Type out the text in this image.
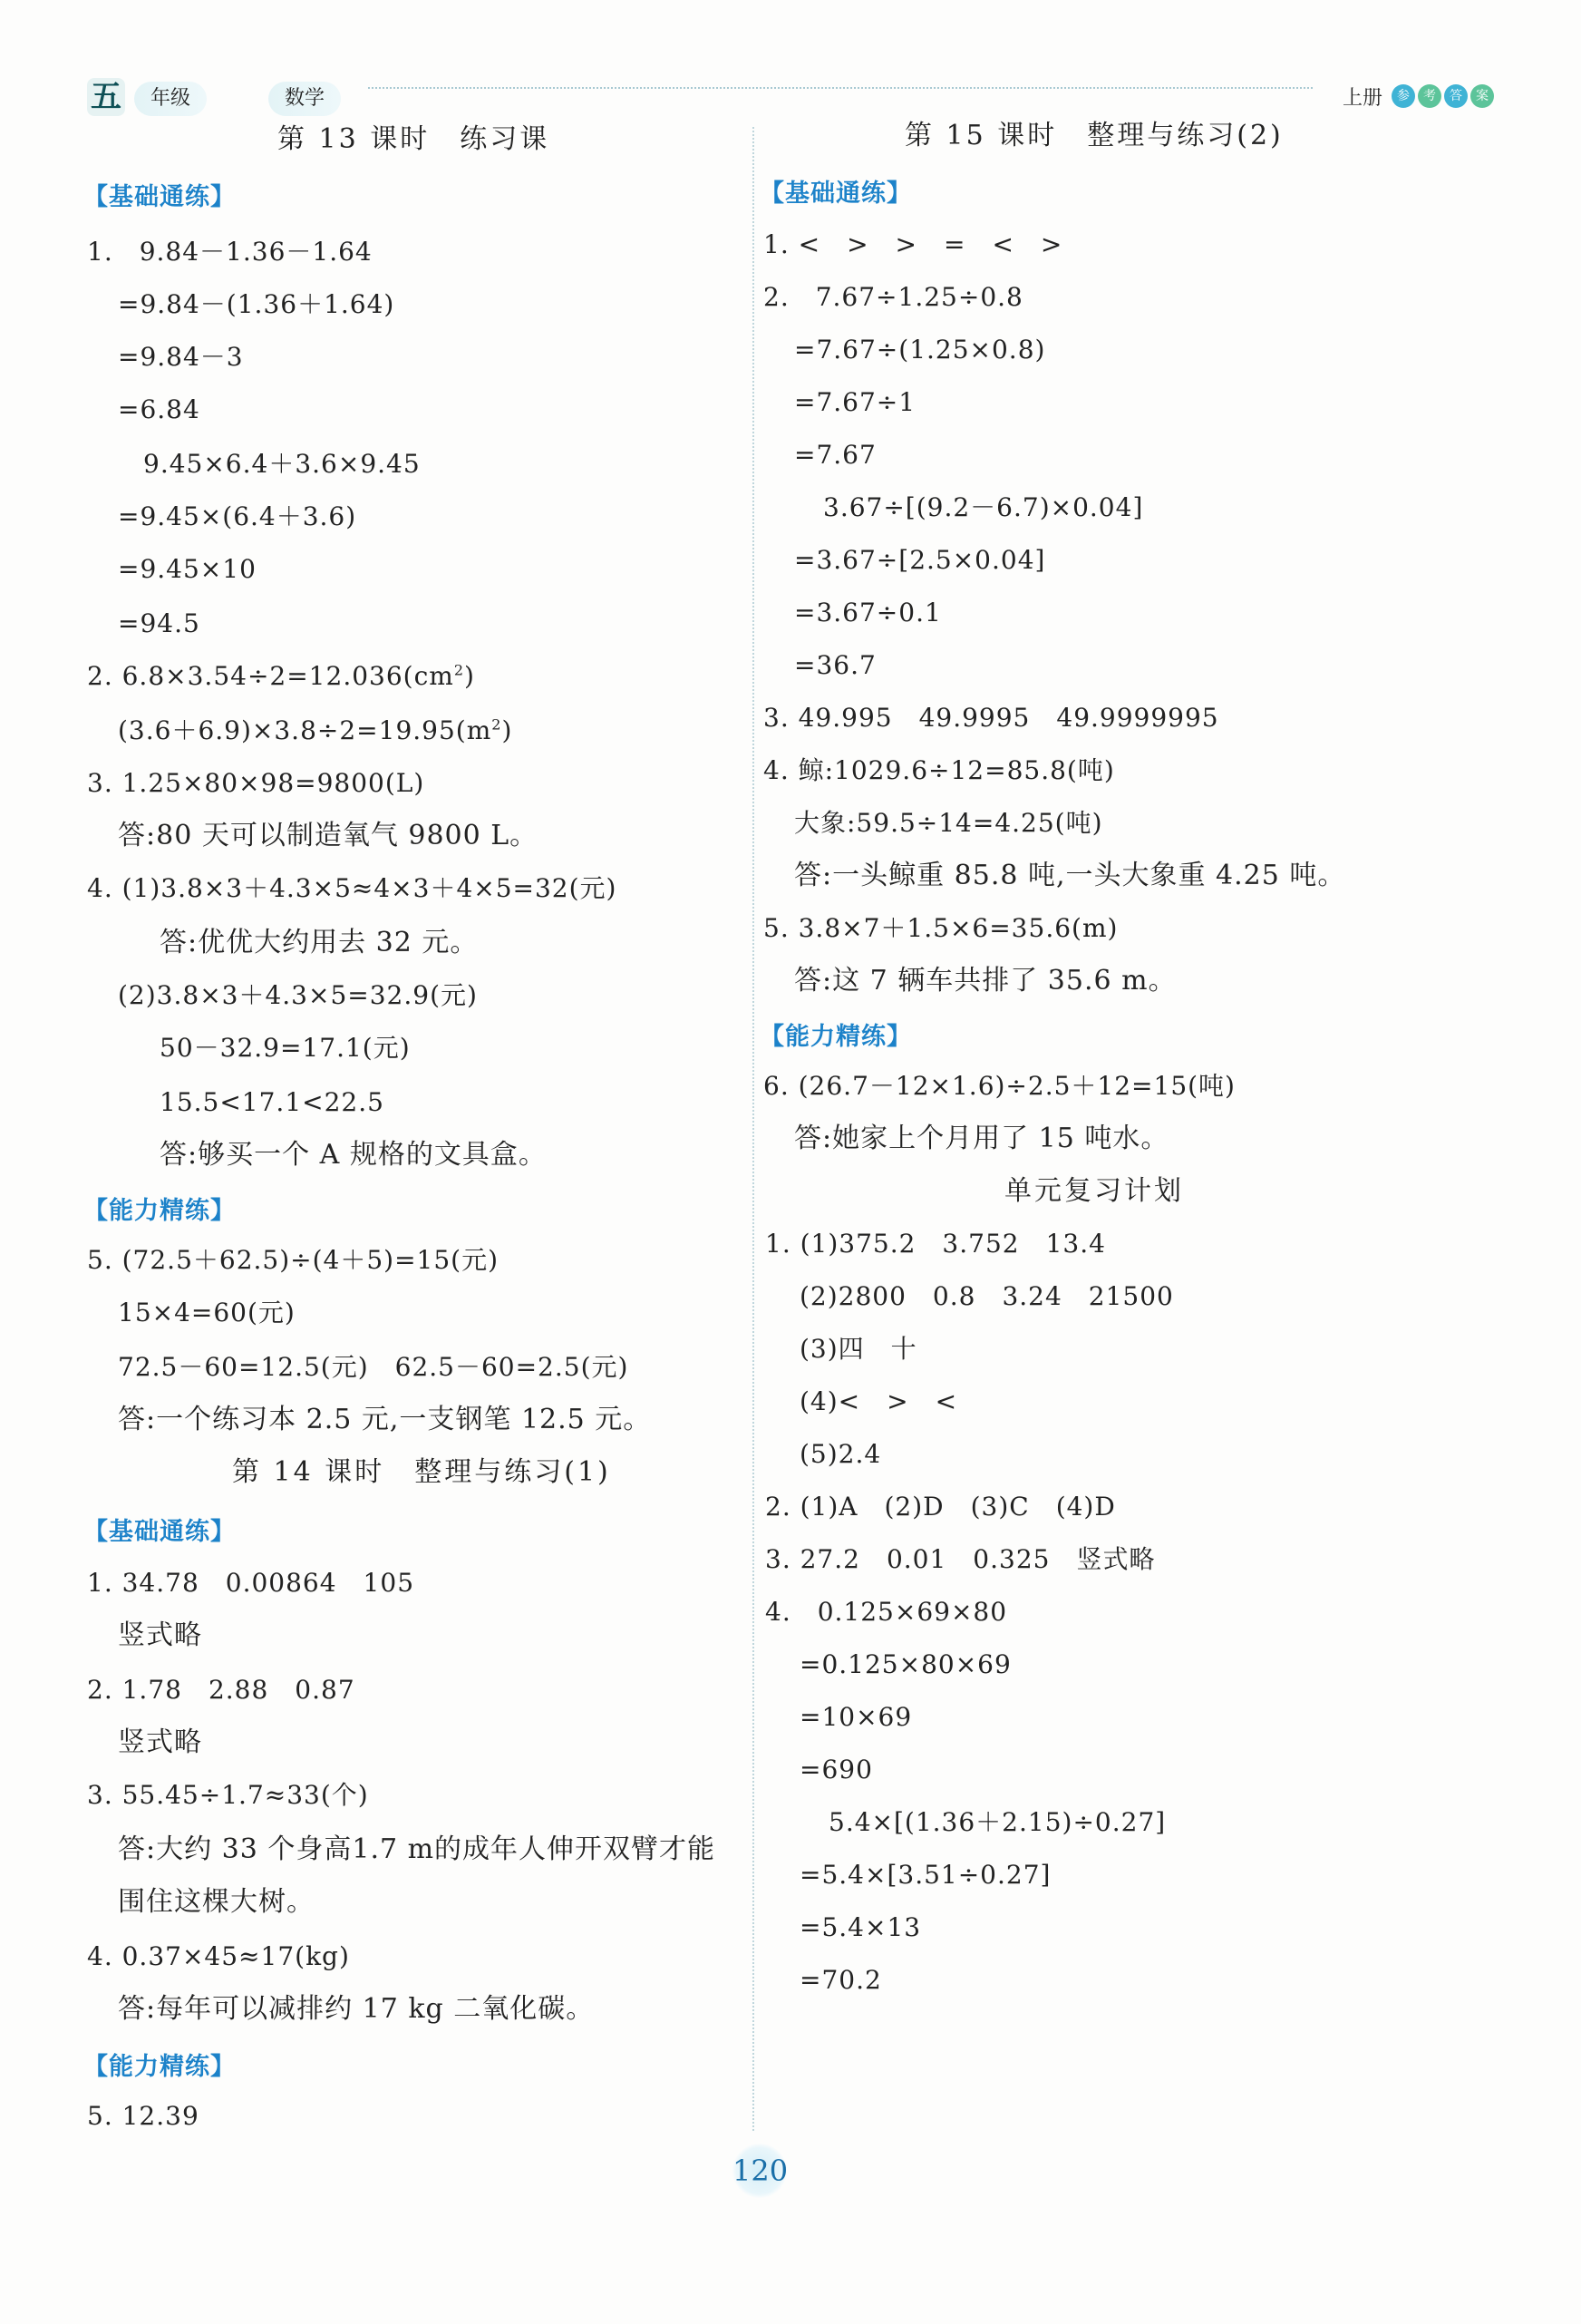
五	年级	数学	上册	参	考	答	案
第 13 课时　练习课
【基础通练】
1.　9.84－1.36－1.64
=9.84－(1.36＋1.64)
=9.84－3
=6.84
9.45×6.4＋3.6×9.45
=9.45×(6.4＋3.6)
=9.45×10
=94.5
2. $6.8\times 3.54\div 2=12.036(cm^2)$
$(3.6+6.9)\times 3.8\div 2=19.95(m^2)$
3. 1.25×80×98=9800(L)
答:80 天可以制造氧气 9800 L。
4. (1)3.8×3＋4.3×5≈4×3＋4×5=32(元)
答:优优大约用去 32 元。
(2)3.8×3＋4.3×5=32.9(元)
50－32.9=17.1(元)
15.5<17.1<22.5
答:够买一个 A 规格的文具盒。
【能力精练】
5. (72.5＋62.5)÷(4＋5)=15(元)
15×4=60(元)
72.5－60=12.5(元)　62.5－60=2.5(元)
答:一个练习本 2.5 元,一支钢笔 12.5 元。
第 14 课时　整理与练习(1)
【基础通练】
1. 34.78　0.00864　105
竖式略
2. 1.78　2.88　0.87
竖式略
3. 55.45÷1.7≈33(个)
答:大约 33 个身高1.7 m的成年人伸开双臂才能
围住这棵大树。
4. 0.37×45≈17(kg)
答:每年可以减排约 17 kg 二氧化碳。
【能力精练】
5. 12.39
第 15 课时　整理与练习(2)
【基础通练】
1. <　>　>　=　<　>
2.　7.67÷1.25÷0.8
=7.67÷(1.25×0.8)
=7.67÷1
=7.67
3.67÷[(9.2－6.7)×0.04]
=3.67÷[2.5×0.04]
=3.67÷0.1
=36.7
3. 49.995　49.9995　49.9999995
4. 鲸:1029.6÷12=85.8(吨)
大象:59.5÷14=4.25(吨)
答:一头鲸重 85.8 吨,一头大象重 4.25 吨。
5. 3.8×7＋1.5×6=35.6(m)
答:这 7 辆车共排了 35.6 m。
【能力精练】
6. (26.7－12×1.6)÷2.5＋12=15(吨)
答:她家上个月用了 15 吨水。
单元复习计划
1. (1)375.2　3.752　13.4
(2)2800　0.8　3.24　21500
(3)四　十
(4)<　>　<
(5)2.4
2. (1)A　(2)D　(3)C　(4)D
3. 27.2　0.01　0.325　竖式略
4.　0.125×69×80
=0.125×80×69
=10×69
=690
5.4×[(1.36＋2.15)÷0.27]
=5.4×[3.51÷0.27]
=5.4×13
=70.2
120
